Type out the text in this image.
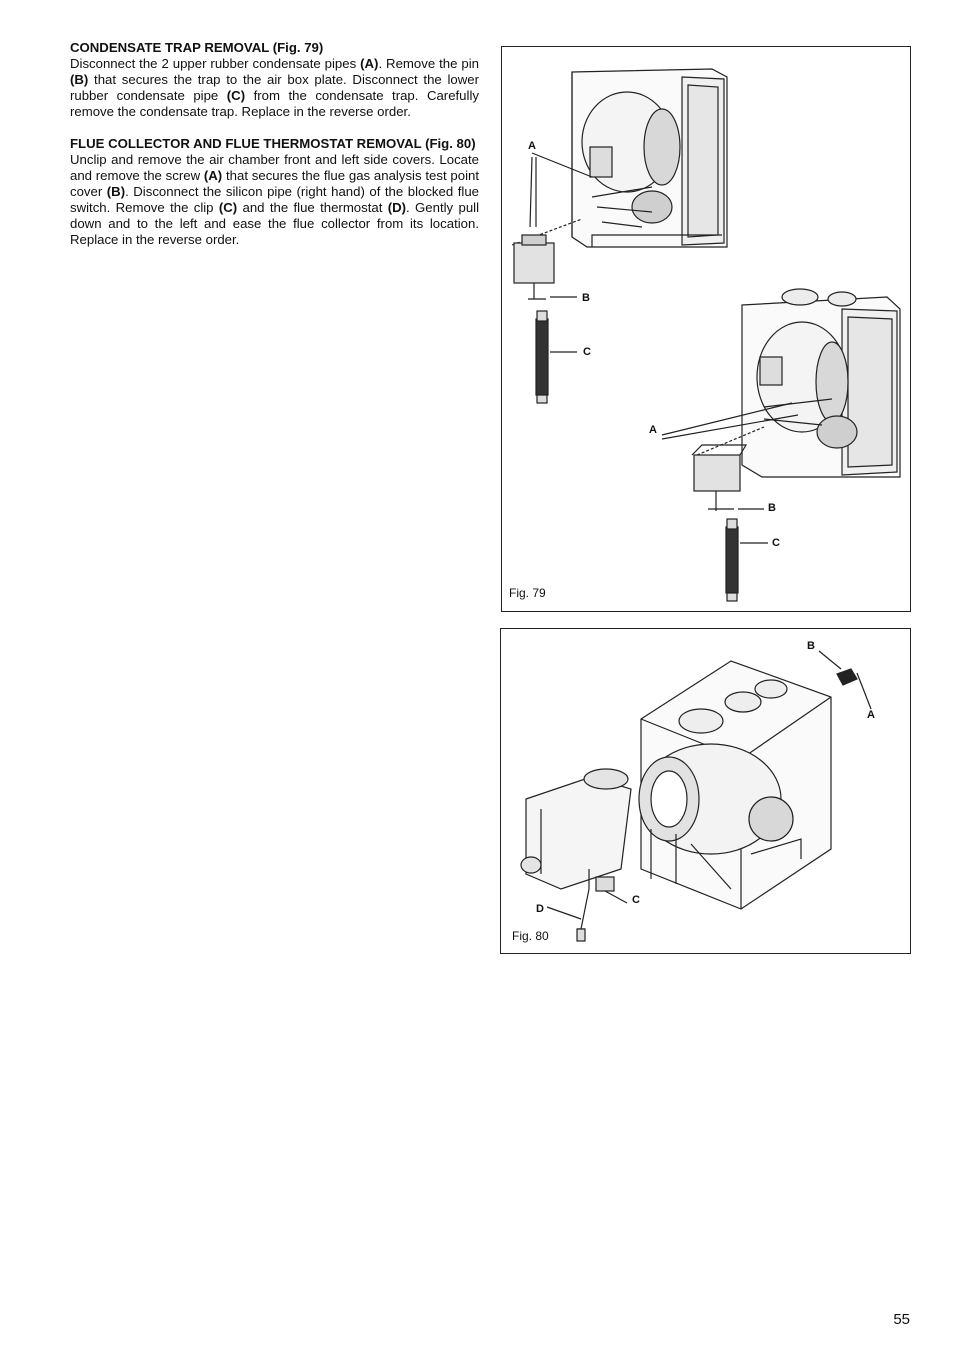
CONDENSATE TRAP REMOVAL (Fig. 79)

Disconnect the 2 upper rubber condensate pipes (A). Remove the pin (B) that secures the trap to the air box plate. Disconnect the lower rubber condensate pipe (C) from the condensate trap. Carefully remove the condensate trap. Replace in the reverse order.

FLUE COLLECTOR AND FLUE THERMOSTAT REMOVAL (Fig. 80)

Unclip and remove the air chamber front and left side covers. Locate and remove the screw (A) that secures the flue gas analysis test point cover (B). Disconnect the silicon pipe (right hand) of the blocked flue switch. Remove the clip (C) and the flue thermostat (D). Gently pull down and to the left and ease the flue collector from its location. Replace in the reverse order.

A
B
C
A
B
C
Fig. 79
B
A
C
D
Fig. 80
55
